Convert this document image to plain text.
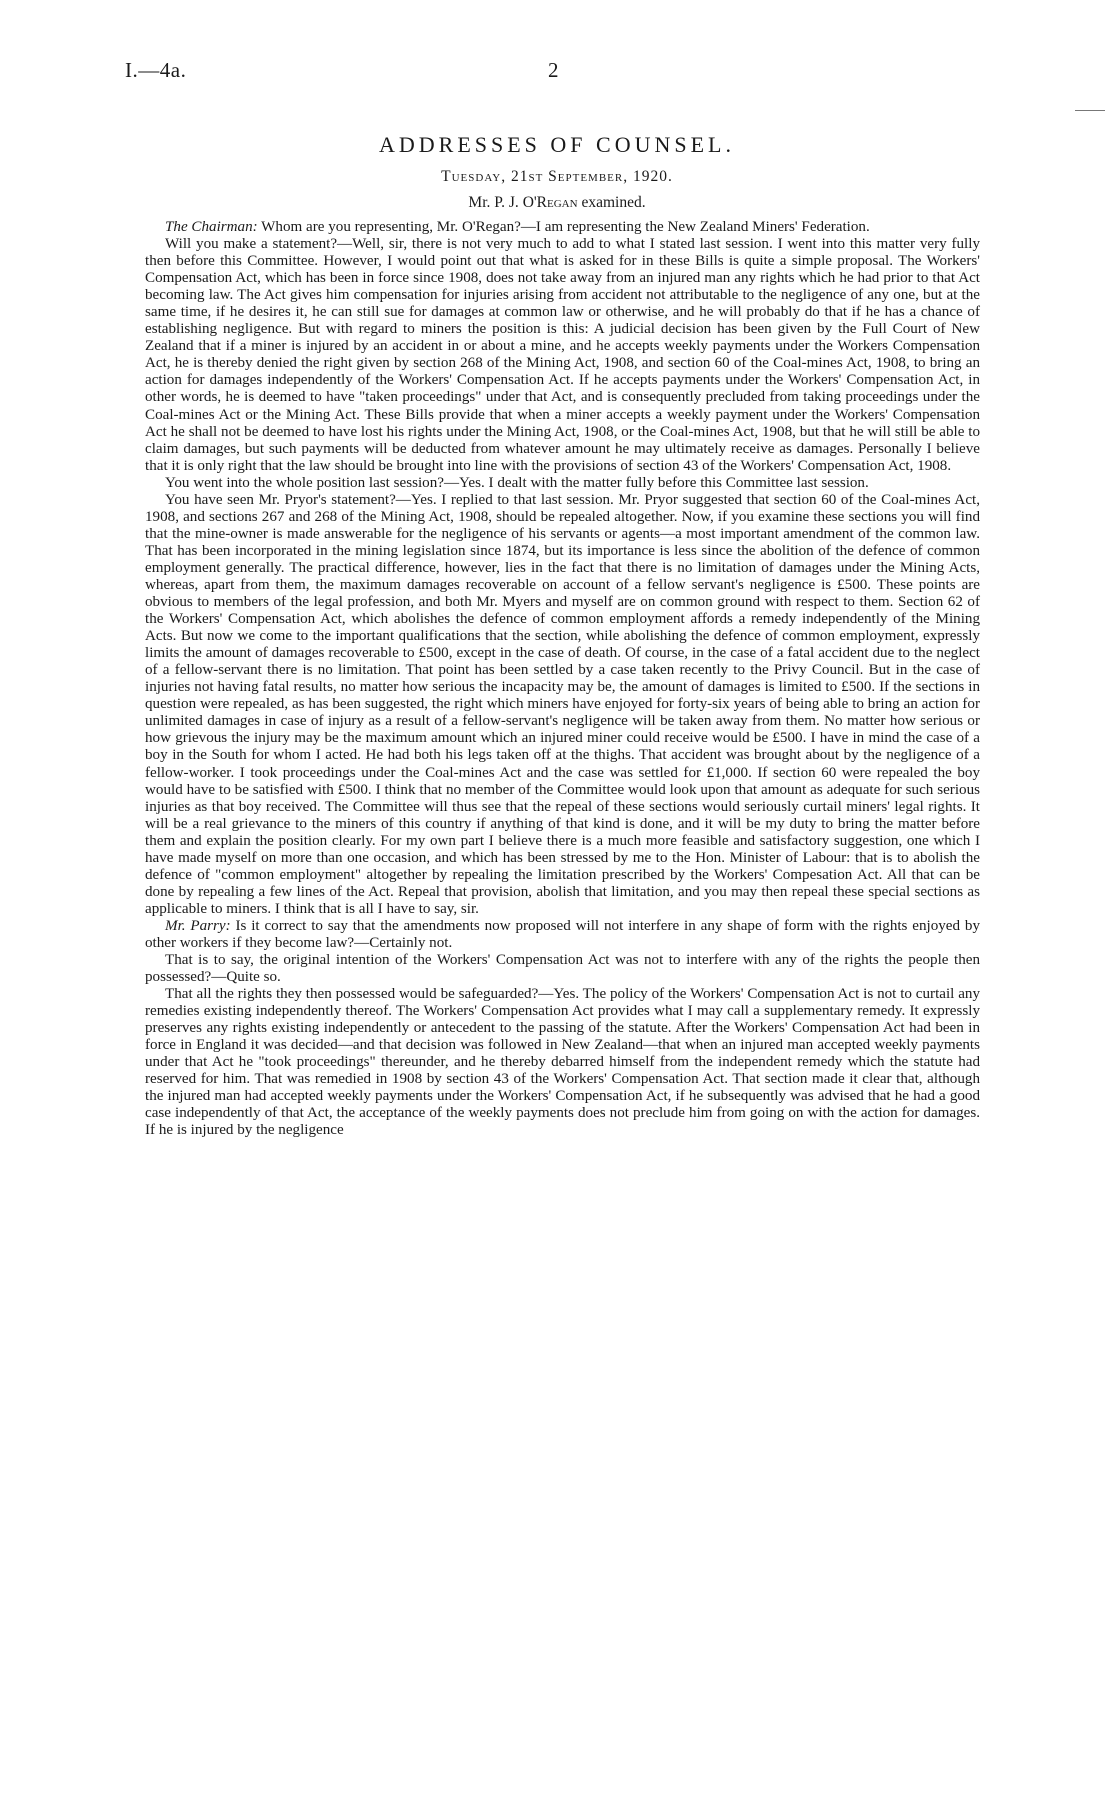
I.—4a.	2
ADDRESSES OF COUNSEL.
Tuesday, 21st September, 1920.
Mr. P. J. O'Regan examined.

The Chairman: Whom are you representing, Mr. O'Regan?—I am representing the New Zealand Miners' Federation.

Will you make a statement?—Well, sir, there is not very much to add to what I stated last session. I went into this matter very fully then before this Committee. However, I would point out that what is asked for in these Bills is quite a simple proposal. The Workers' Compensation Act, which has been in force since 1908, does not take away from an injured man any rights which he had prior to that Act becoming law. The Act gives him compensation for injuries arising from accident not attributable to the negligence of any one, but at the same time, if he desires it, he can still sue for damages at common law or otherwise, and he will probably do that if he has a chance of establishing negligence. But with regard to miners the position is this: A judicial decision has been given by the Full Court of New Zealand that if a miner is injured by an accident in or about a mine, and he accepts weekly payments under the Workers Compensation Act, he is thereby denied the right given by section 268 of the Mining Act, 1908, and section 60 of the Coal-mines Act, 1908, to bring an action for damages independently of the Workers' Compensation Act. If he accepts payments under the Workers' Compensation Act, in other words, he is deemed to have "taken proceedings" under that Act, and is consequently precluded from taking proceedings under the Coal-mines Act or the Mining Act. These Bills provide that when a miner accepts a weekly payment under the Workers' Compensation Act he shall not be deemed to have lost his rights under the Mining Act, 1908, or the Coal-mines Act, 1908, but that he will still be able to claim damages, but such payments will be deducted from whatever amount he may ultimately receive as damages. Personally I believe that it is only right that the law should be brought into line with the provisions of section 43 of the Workers' Compensation Act, 1908.

You went into the whole position last session?—Yes. I dealt with the matter fully before this Committee last session.

You have seen Mr. Pryor's statement?—Yes. I replied to that last session. Mr. Pryor suggested that section 60 of the Coal-mines Act, 1908, and sections 267 and 268 of the Mining Act, 1908, should be repealed altogether. Now, if you examine these sections you will find that the mine-owner is made answerable for the negligence of his servants or agents—a most important amendment of the common law. That has been incorporated in the mining legislation since 1874, but its importance is less since the abolition of the defence of common employment generally. The practical difference, however, lies in the fact that there is no limitation of damages under the Mining Acts, whereas, apart from them, the maximum damages recoverable on account of a fellow servant's negligence is £500. These points are obvious to members of the legal profession, and both Mr. Myers and myself are on common ground with respect to them. Section 62 of the Workers' Compensation Act, which abolishes the defence of common employment affords a remedy independently of the Mining Acts. But now we come to the important qualifications that the section, while abolishing the defence of common employment, expressly limits the amount of damages recoverable to £500, except in the case of death. Of course, in the case of a fatal accident due to the neglect of a fellow-servant there is no limitation. That point has been settled by a case taken recently to the Privy Council. But in the case of injuries not having fatal results, no matter how serious the incapacity may be, the amount of damages is limited to £500. If the sections in question were repealed, as has been suggested, the right which miners have enjoyed for forty-six years of being able to bring an action for unlimited damages in case of injury as a result of a fellow-servant's negligence will be taken away from them. No matter how serious or how grievous the injury may be the maximum amount which an injured miner could receive would be £500. I have in mind the case of a boy in the South for whom I acted. He had both his legs taken off at the thighs. That accident was brought about by the negligence of a fellow-worker. I took proceedings under the Coal-mines Act and the case was settled for £1,000. If section 60 were repealed the boy would have to be satisfied with £500. I think that no member of the Committee would look upon that amount as adequate for such serious injuries as that boy received. The Committee will thus see that the repeal of these sections would seriously curtail miners' legal rights. It will be a real grievance to the miners of this country if anything of that kind is done, and it will be my duty to bring the matter before them and explain the position clearly. For my own part I believe there is a much more feasible and satisfactory suggestion, one which I have made myself on more than one occasion, and which has been stressed by me to the Hon. Minister of Labour: that is to abolish the defence of "common employment" altogether by repealing the limitation prescribed by the Workers' Compesation Act. All that can be done by repealing a few lines of the Act. Repeal that provision, abolish that limitation, and you may then repeal these special sections as applicable to miners. I think that is all I have to say, sir.

Mr. Parry: Is it correct to say that the amendments now proposed will not interfere in any shape of form with the rights enjoyed by other workers if they become law?—Certainly not.

That is to say, the original intention of the Workers' Compensation Act was not to interfere with any of the rights the people then possessed?—Quite so.

That all the rights they then possessed would be safeguarded?—Yes. The policy of the Workers' Compensation Act is not to curtail any remedies existing independently thereof. The Workers' Compensation Act provides what I may call a supplementary remedy. It expressly preserves any rights existing independently or antecedent to the passing of the statute. After the Workers' Compensation Act had been in force in England it was decided—and that decision was followed in New Zealand—that when an injured man accepted weekly payments under that Act he "took proceedings" thereunder, and he thereby debarred himself from the independent remedy which the statute had reserved for him. That was remedied in 1908 by section 43 of the Workers' Compensation Act. That section made it clear that, although the injured man had accepted weekly payments under the Workers' Compensation Act, if he subsequently was advised that he had a good case independently of that Act, the acceptance of the weekly payments does not preclude him from going on with the action for damages. If he is injured by the negligence
